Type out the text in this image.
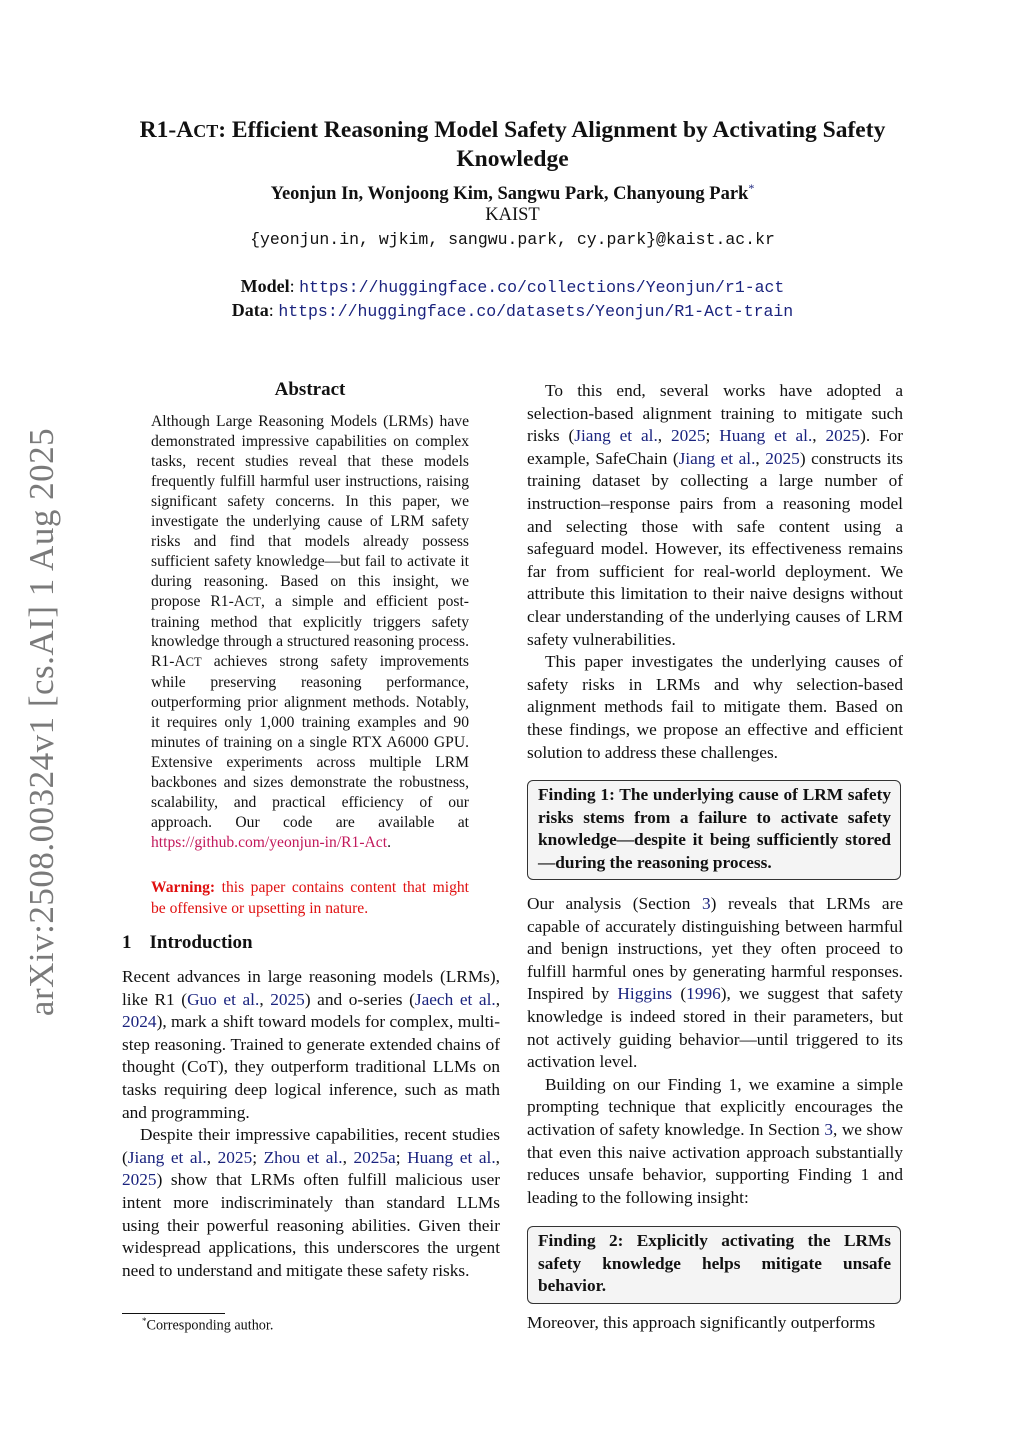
arXiv:2508.00324v1 [cs.AI] 1 Aug 2025
R1-ACT: Efficient Reasoning Model Safety Alignment by Activating Safety Knowledge
Yeonjun In, Wonjoong Kim, Sangwu Park, Chanyoung Park*
KAIST
{yeonjun.in, wjkim, sangwu.park, cy.park}@kaist.ac.kr
Model: https://huggingface.co/collections/Yeonjun/r1-act
Data: https://huggingface.co/datasets/Yeonjun/R1-Act-train
Abstract
Although Large Reasoning Models (LRMs) have demonstrated impressive capabilities on complex tasks, recent studies reveal that these models frequently fulfill harmful user instructions, raising significant safety concerns. In this paper, we investigate the underlying cause of LRM safety risks and find that models already possess sufficient safety knowledge—but fail to activate it during reasoning. Based on this insight, we propose R1-ACT, a simple and efficient post-training method that explicitly triggers safety knowledge through a structured reasoning process. R1-ACT achieves strong safety improvements while preserving reasoning performance, outperforming prior alignment methods. Notably, it requires only 1,000 training examples and 90 minutes of training on a single RTX A6000 GPU. Extensive experiments across multiple LRM backbones and sizes demonstrate the robustness, scalability, and practical efficiency of our approach. Our code are available at https://github.com/yeonjun-in/R1-Act.
Warning: this paper contains content that might be offensive or upsetting in nature.
1 Introduction

Recent advances in large reasoning models (LRMs), like R1 (Guo et al., 2025) and o-series (Jaech et al., 2024), mark a shift toward models for complex, multi-step reasoning. Trained to generate extended chains of thought (CoT), they outperform traditional LLMs on tasks requiring deep logical inference, such as math and programming.

Despite their impressive capabilities, recent studies (Jiang et al., 2025; Zhou et al., 2025a; Huang et al., 2025) show that LRMs often fulfill malicious user intent more indiscriminately than standard LLMs using their powerful reasoning abilities. Given their widespread applications, this underscores the urgent need to understand and mitigate these safety risks.

*Corresponding author.

To this end, several works have adopted a selection-based alignment training to mitigate such risks (Jiang et al., 2025; Huang et al., 2025). For example, SafeChain (Jiang et al., 2025) constructs its training dataset by collecting a large number of instruction–response pairs from a reasoning model and selecting those with safe content using a safeguard model. However, its effectiveness remains far from sufficient for real-world deployment. We attribute this limitation to their naive designs without clear understanding of the underlying causes of LRM safety vulnerabilities.

This paper investigates the underlying causes of safety risks in LRMs and why selection-based alignment methods fail to mitigate them. Based on these findings, we propose an effective and efficient solution to address these challenges.

Finding 1: The underlying cause of LRM safety risks stems from a failure to activate safety knowledge—despite it being sufficiently stored—during the reasoning process.

Our analysis (Section 3) reveals that LRMs are capable of accurately distinguishing between harmful and benign instructions, yet they often proceed to fulfill harmful ones by generating harmful responses. Inspired by Higgins (1996), we suggest that safety knowledge is indeed stored in their parameters, but not actively guiding behavior—until triggered to its activation level.

Building on our Finding 1, we examine a simple prompting technique that explicitly encourages the activation of safety knowledge. In Section 3, we show that even this naive activation approach substantially reduces unsafe behavior, supporting Finding 1 and leading to the following insight:

Finding 2: Explicitly activating the LRMs safety knowledge helps mitigate unsafe behavior.

Moreover, this approach significantly outperforms
